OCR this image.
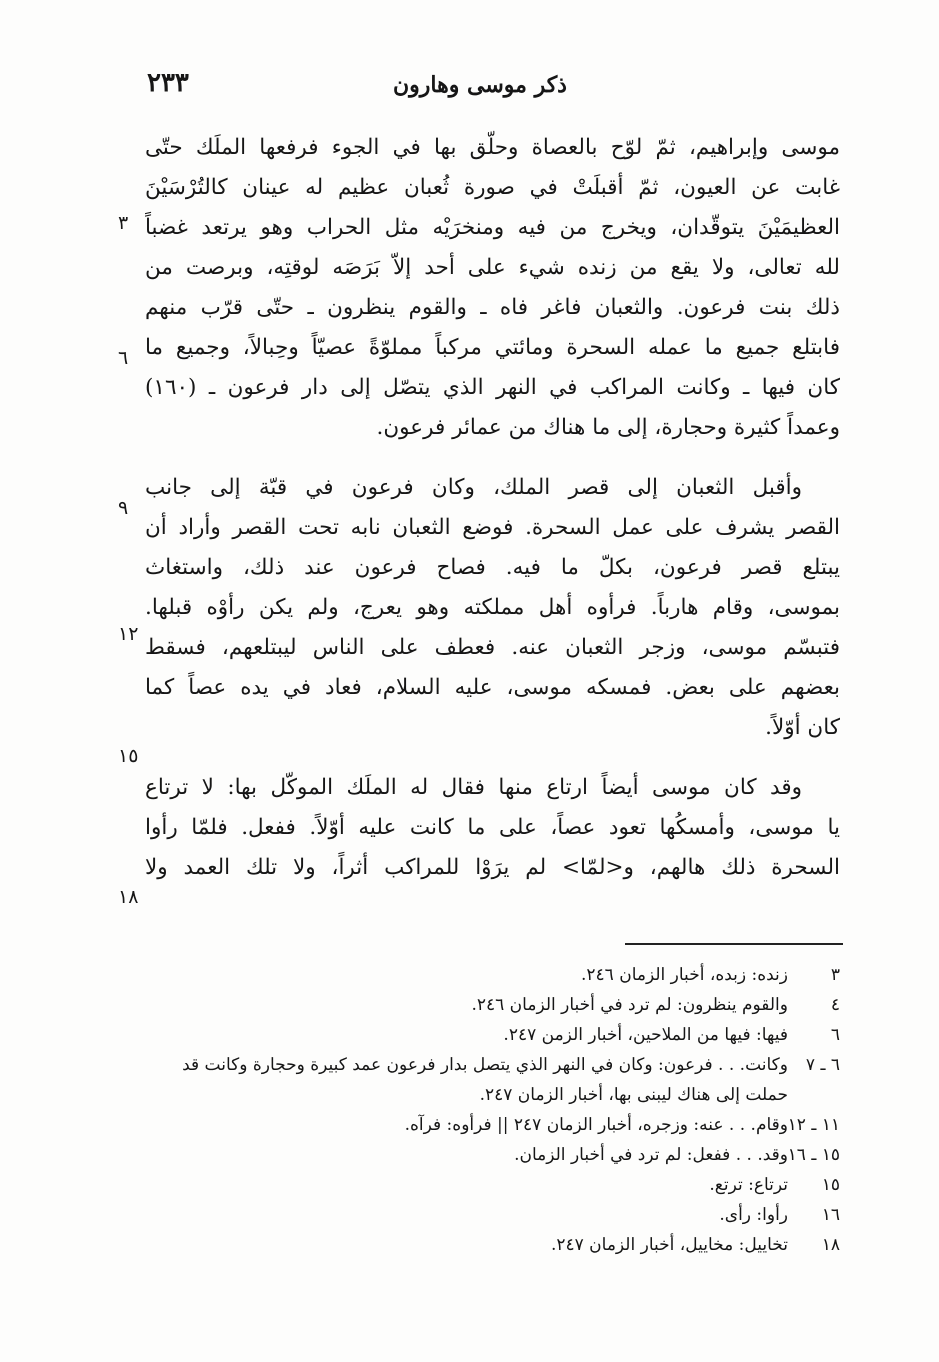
٢٣٣	ذكر موسى وهارون

موسى وإبراهيم، ثمّ لوّح بالعصاة وحلّق بها في الجوء فرفعها الملَك حتّى
غابت عن العيون، ثمّ أقبلَتْ في صورة ثُعبان عظيم له عينان كالتُرْسَيْنَ
العظيمَيْنَ يتوقّدان، ويخرج من فيه ومنخرَيْه مثل الحراب وهو يرتعد غضباً
لله تعالى، ولا يقع من زنده شيء على أحد إلاّ بَرَصَه لوقتِه، وبرصت من
ذلك بنت فرعون. والثعبان فاغر فاه ـ والقوم ينظرون ـ حتّى قرّب منهم
فابتلع جميع ما عمله السحرة ومائتي مركباً مملوّةً عصيّاً وحِبالاً، وجميع ما
كان فيها ـ وكانت المراكب في النهر الذي يتصّل إلى دار فرعون ـ (١٦٠)
وعمداً كثيرة وحجارة، إلى ما هناك من عمائر فرعون.

وأقبل الثعبان إلى قصر الملك، وكان فرعون في قبّة إلى جانب
القصر يشرف على عمل السحرة. فوضع الثعبان نابه تحت القصر وأراد أن
يبتلع قصر فرعون، بكلّ ما فيه. فصاح فرعون عند ذلك، واستغاث
بموسى، وقام هارباً. فرأوه أهل مملكته وهو يعرج، ولم يكن رأوْه قبلها.
فتبسّم موسى، وزجر الثعبان عنه. فعطف على الناس ليبتلعهم، فسقط
بعضهم على بعض. فمسكه موسى، عليه السلام، فعاد في يده عصاً كما
كان أوّلاً.

وقد كان موسى أيضاً ارتاع منها فقال له الملَك الموكّل بها: لا ترتاع
يا موسى، وأمسكُها تعود عصاً، على ما كانت عليه أوّلاً. ففعل. فلمّا رأوا
السحرة ذلك هالهم، و<لمّا> لم يرَوْا للمراكب أثراً، ولا تلك العمد ولا

٣
٦
٩
١٢
١٥
١٨
٣
زنده: زبده، أخبار الزمان ٢٤٦.
٤
والقوم ينظرون: لم ترد في أخبار الزمان ٢٤٦.
٦
فيها: فيها من الملاحين، أخبار الزمن ٢٤٧.
٦ ـ ٧
وكانت. . . فرعون: وكان في النهر الذي يتصل بدار فرعون عمد كبيرة وحجارة وكانت قد حملت إلى هناك ليبنى بها، أخبار الزمان ٢٤٧.
١١ ـ ١٢
وقام. . . عنه: وزجره، أخبار الزمان ٢٤٧ || فرأوه: فرآه.
١٥ ـ ١٦
وقد. . . ففعل: لم ترد في أخبار الزمان.
١٥
ترتاع: ترتع.
١٦
رأوا: رأى.
١٨
تخاييل: مخاييل، أخبار الزمان ٢٤٧.
